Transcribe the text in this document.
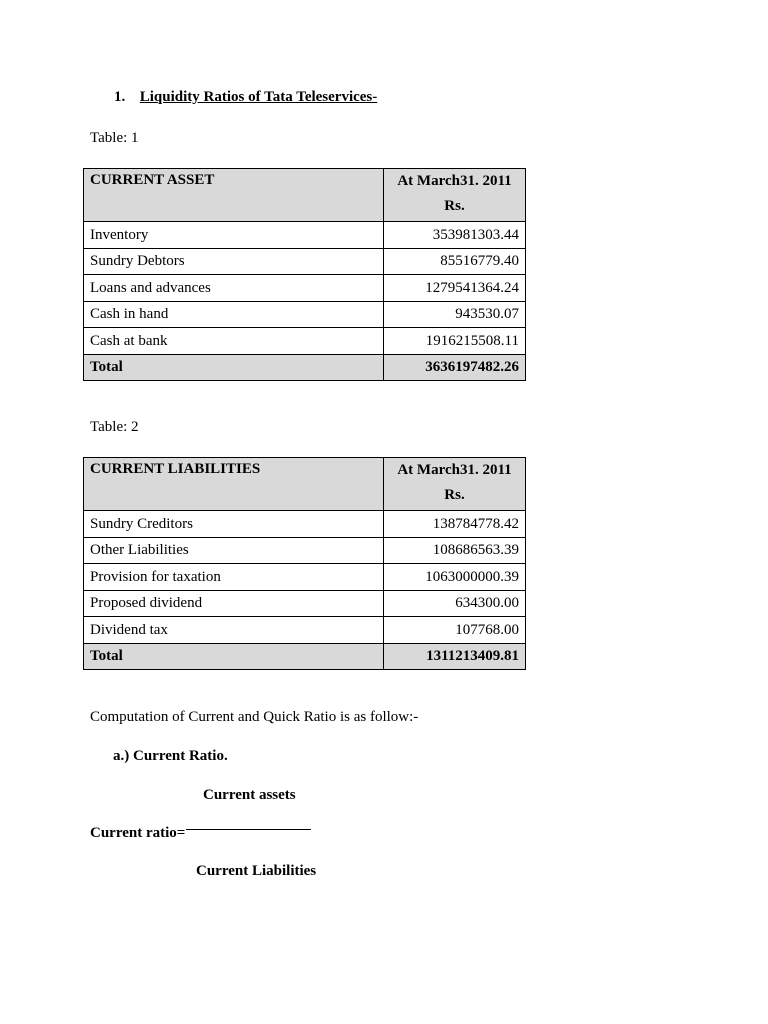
1. Liquidity Ratios of Tata Teleservices-
Table: 1
CURRENT ASSET	At March31. 2011
Rs.

Inventory	353981303.44
Sundry Debtors	85516779.40
Loans and advances	1279541364.24
Cash in hand	943530.07
Cash at bank	1916215508.11
Total	3636197482.26
Table: 2
CURRENT LIABILITIES	At March31. 2011
Rs.

Sundry Creditors	138784778.42
Other Liabilities	108686563.39
Provision for taxation	1063000000.39
Proposed dividend	634300.00
Dividend tax	107768.00
Total	1311213409.81
Computation of Current and Quick Ratio is as follow:-
a.) Current Ratio.
Current assets
Current ratio=
Current Liabilities
